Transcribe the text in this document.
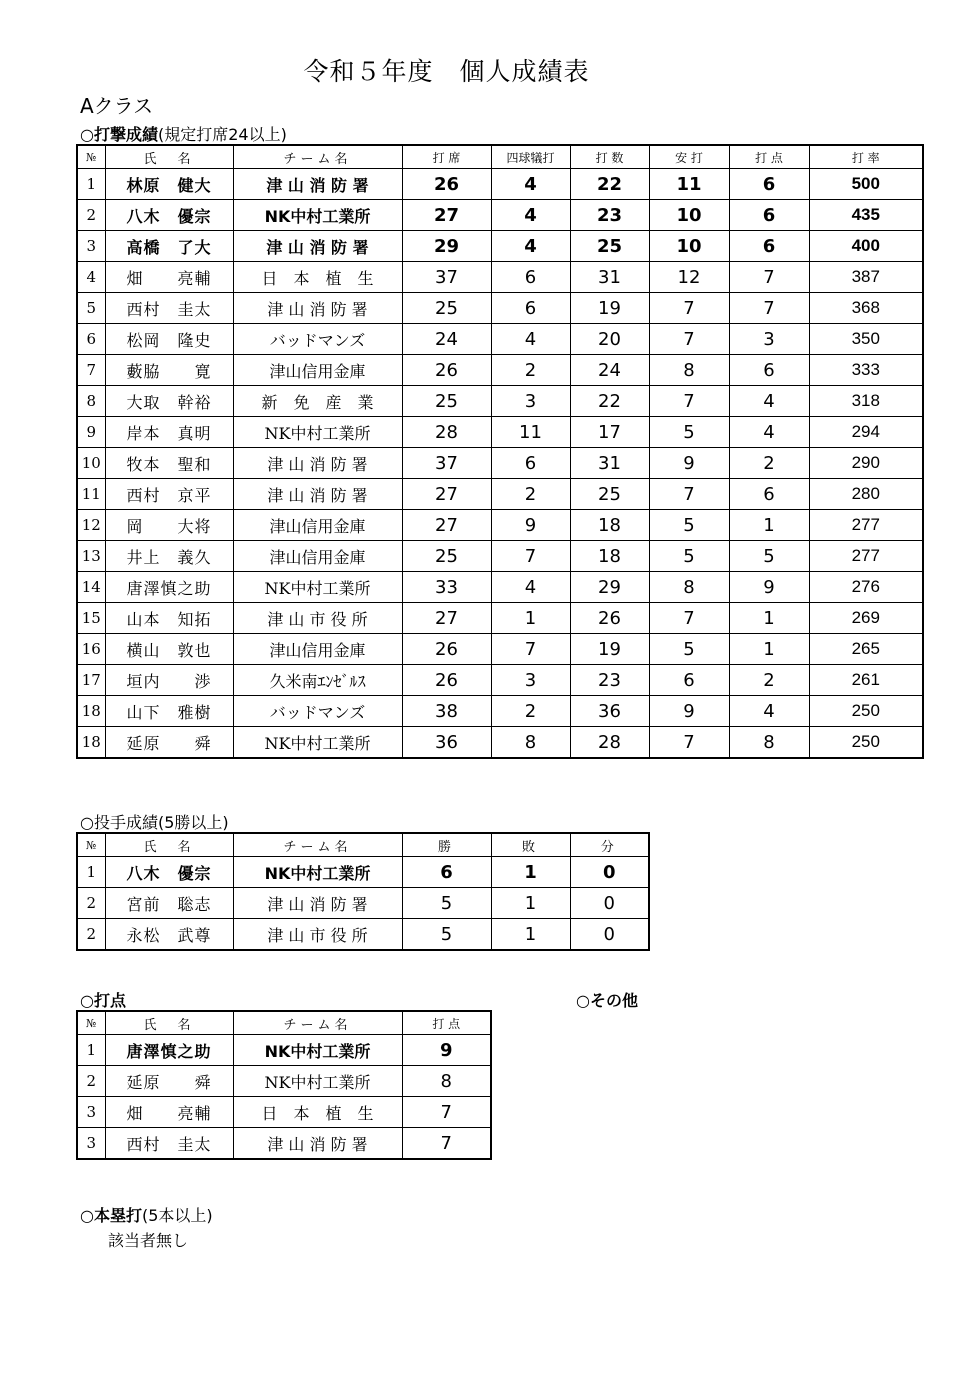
令和５年度　個人成績表
Aクラス
○打撃成績(規定打席24以上)
№	氏　名	チーム名	打 席	四球犠打	打 数	安 打	打 点	打 率
1	林原　健大	津 山 消 防 署	26	4	22	11	6	500
2	八木　優宗	NK中村工業所	27	4	23	10	6	435
3	高橋　了大	津 山 消 防 署	29	4	25	10	6	400
4	畑　　亮輔	日　本　植　生	37	6	31	12	7	387
5	西村　圭太	津 山 消 防 署	25	6	19	7	7	368
6	松岡　隆史	バッドマンズ	24	4	20	7	3	350
7	藪脇　　寛	津山信用金庫	26	2	24	8	6	333
8	大取　幹裕	新　免　産　業	25	3	22	7	4	318
9	岸本　真明	NK中村工業所	28	11	17	5	4	294
10	牧本　聖和	津 山 消 防 署	37	6	31	9	2	290
11	西村　京平	津 山 消 防 署	27	2	25	7	6	280
12	岡　　大将	津山信用金庫	27	9	18	5	1	277
13	井上　義久	津山信用金庫	25	7	18	5	5	277
14	唐澤慎之助	NK中村工業所	33	4	29	8	9	276
15	山本　知拓	津 山 市 役 所	27	1	26	7	1	269
16	横山　敦也	津山信用金庫	26	7	19	5	1	265
17	垣内　　渉	久米南ｴﾝｾﾞﾙｽ	26	3	23	6	2	261
18	山下　雅樹	バッドマンズ	38	2	36	9	4	250
18	延原　　舜	NK中村工業所	36	8	28	7	8	250
○投手成績(5勝以上)
№	氏　名	チーム名	勝	敗	分
1	八木　優宗	NK中村工業所	6	1	0
2	宮前　聡志	津 山 消 防 署	5	1	0
2	永松　武尊	津 山 市 役 所	5	1	0
○打点	○その他
№	氏　名	チーム名	打 点
1	唐澤慎之助	NK中村工業所	9
2	延原　　舜	NK中村工業所	8
3	畑　　亮輔	日　本　植　生	7
3	西村　圭太	津 山 消 防 署	7
○本塁打(5本以上)
該当者無し
